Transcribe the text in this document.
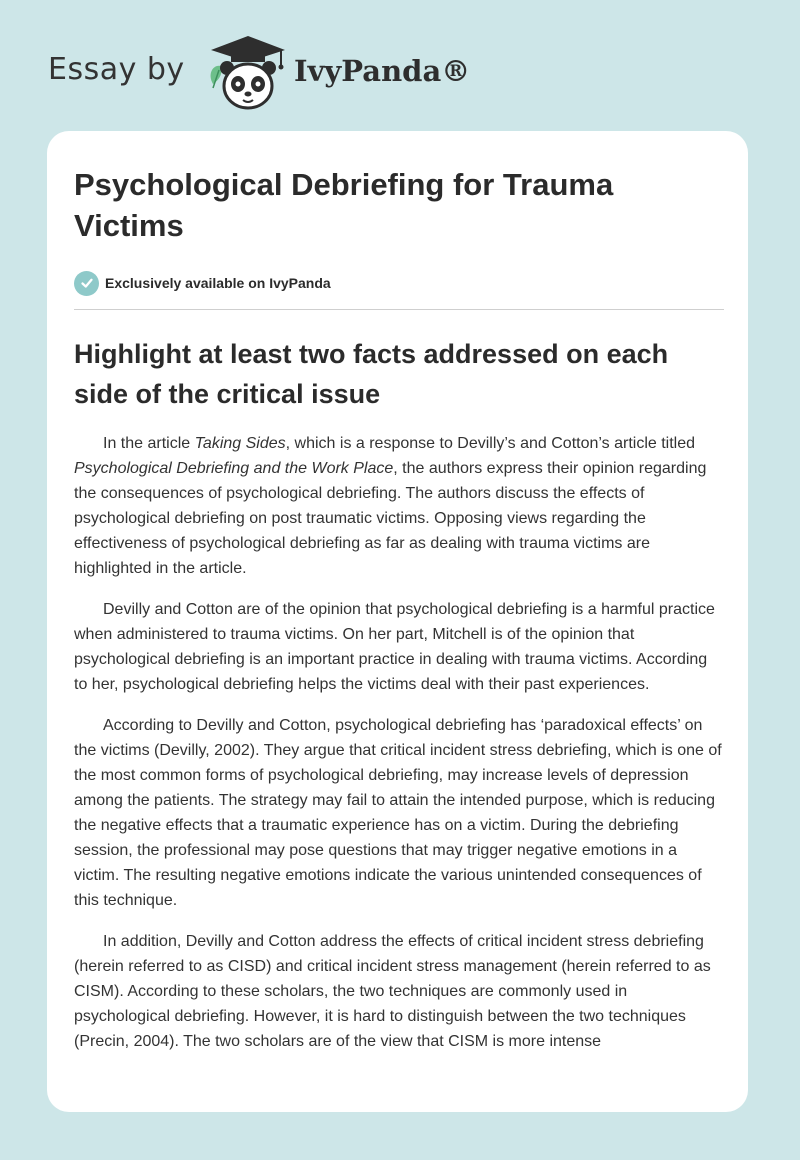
Essay by	IvyPanda®
Psychological Debriefing for Trauma Victims
Exclusively available on IvyPanda
Highlight at least two facts addressed on each side of the critical issue

In the article Taking Sides, which is a response to Devilly’s and Cotton’s article titled Psychological Debriefing and the Work Place, the authors express their opinion regarding the consequences of psychological debriefing. The authors discuss the effects of psychological debriefing on post traumatic victims. Opposing views regarding the effectiveness of psychological debriefing as far as dealing with trauma victims are highlighted in the article.

Devilly and Cotton are of the opinion that psychological debriefing is a harmful practice when administered to trauma victims. On her part, Mitchell is of the opinion that psychological debriefing is an important practice in dealing with trauma victims. According to her, psychological debriefing helps the victims deal with their past experiences.

According to Devilly and Cotton, psychological debriefing has ‘paradoxical effects’ on the victims (Devilly, 2002). They argue that critical incident stress debriefing, which is one of the most common forms of psychological debriefing, may increase levels of depression among the patients. The strategy may fail to attain the intended purpose, which is reducing the negative effects that a traumatic experience has on a victim. During the debriefing session, the professional may pose questions that may trigger negative emotions in a victim. The resulting negative emotions indicate the various unintended consequences of this technique.

In addition, Devilly and Cotton address the effects of critical incident stress debriefing (herein referred to as CISD) and critical incident stress management (herein referred to as CISM). According to these scholars, the two techniques are commonly used in psychological debriefing. However, it is hard to distinguish between the two techniques (Precin, 2004). The two scholars are of the view that CISM is more intense
